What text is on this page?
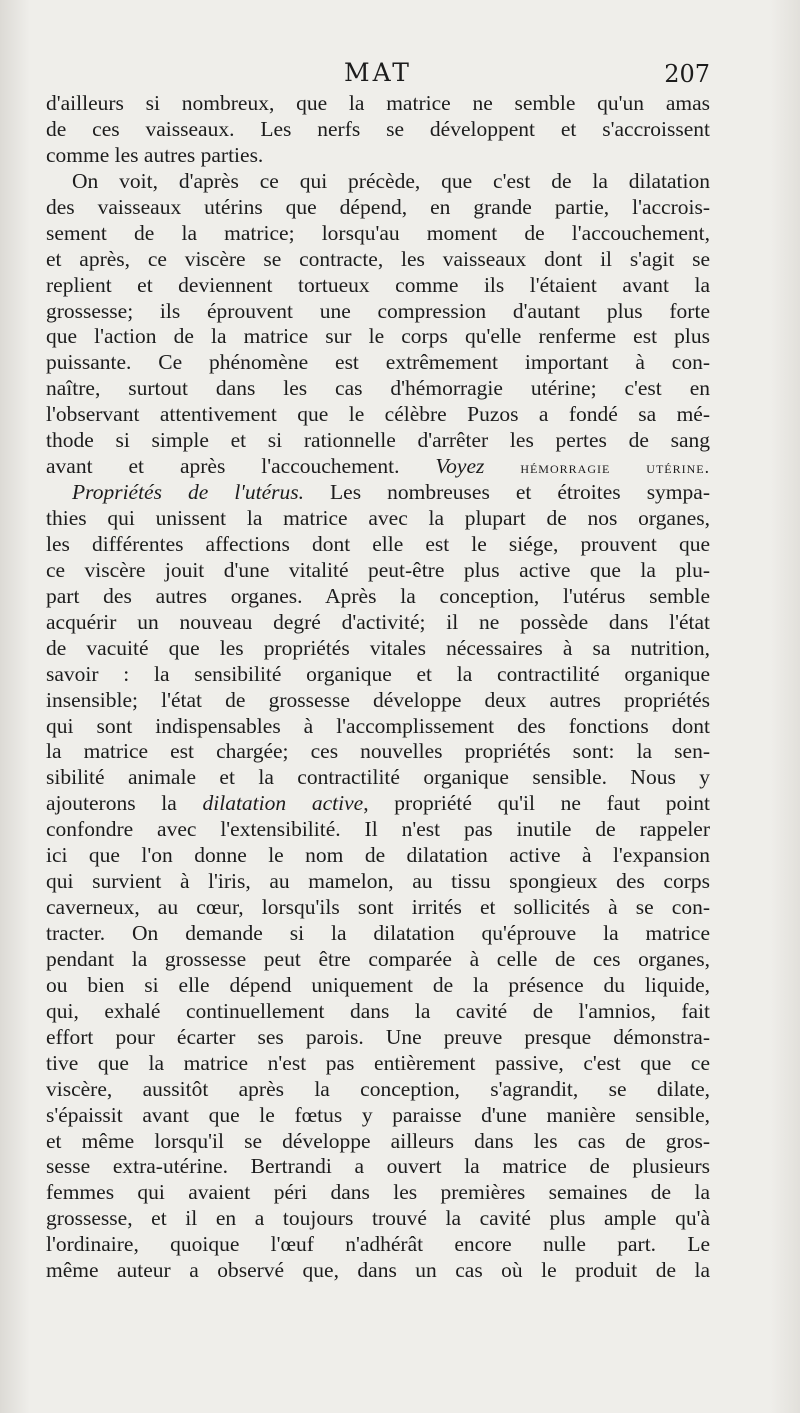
MAT	207
d'ailleurs si nombreux, que la matrice ne semble qu'un amas
de ces vaisseaux. Les nerfs se développent et s'accroissent
comme les autres parties.
On voit, d'après ce qui précède, que c'est de la dilatation
des vaisseaux utérins que dépend, en grande partie, l'accrois-
sement de la matrice; lorsqu'au moment de l'accouchement,
et après, ce viscère se contracte, les vaisseaux dont il s'agit se
replient et deviennent tortueux comme ils l'étaient avant la
grossesse; ils éprouvent une compression d'autant plus forte
que l'action de la matrice sur le corps qu'elle renferme est plus
puissante. Ce phénomène est extrêmement important à con-
naître, surtout dans les cas d'hémorragie utérine; c'est en
l'observant attentivement que le célèbre Puzos a fondé sa mé-
thode si simple et si rationnelle d'arrêter les pertes de sang
avant et après l'accouchement. Voyez hémorragie utérine.
Propriétés de l'utérus. Les nombreuses et étroites sympa-
thies qui unissent la matrice avec la plupart de nos organes,
les différentes affections dont elle est le siége, prouvent que
ce viscère jouit d'une vitalité peut-être plus active que la plu-
part des autres organes. Après la conception, l'utérus semble
acquérir un nouveau degré d'activité; il ne possède dans l'état
de vacuité que les propriétés vitales nécessaires à sa nutrition,
savoir : la sensibilité organique et la contractilité organique
insensible; l'état de grossesse développe deux autres propriétés
qui sont indispensables à l'accomplissement des fonctions dont
la matrice est chargée; ces nouvelles propriétés sont: la sen-
sibilité animale et la contractilité organique sensible. Nous y
ajouterons la dilatation active, propriété qu'il ne faut point
confondre avec l'extensibilité. Il n'est pas inutile de rappeler
ici que l'on donne le nom de dilatation active à l'expansion
qui survient à l'iris, au mamelon, au tissu spongieux des corps
caverneux, au cœur, lorsqu'ils sont irrités et sollicités à se con-
tracter. On demande si la dilatation qu'éprouve la matrice
pendant la grossesse peut être comparée à celle de ces organes,
ou bien si elle dépend uniquement de la présence du liquide,
qui, exhalé continuellement dans la cavité de l'amnios, fait
effort pour écarter ses parois. Une preuve presque démonstra-
tive que la matrice n'est pas entièrement passive, c'est que ce
viscère, aussitôt après la conception, s'agrandit, se dilate,
s'épaissit avant que le fœtus y paraisse d'une manière sensible,
et même lorsqu'il se développe ailleurs dans les cas de gros-
sesse extra-utérine. Bertrandi a ouvert la matrice de plusieurs
femmes qui avaient péri dans les premières semaines de la
grossesse, et il en a toujours trouvé la cavité plus ample qu'à
l'ordinaire, quoique l'œuf n'adhérât encore nulle part. Le
même auteur a observé que, dans un cas où le produit de la
